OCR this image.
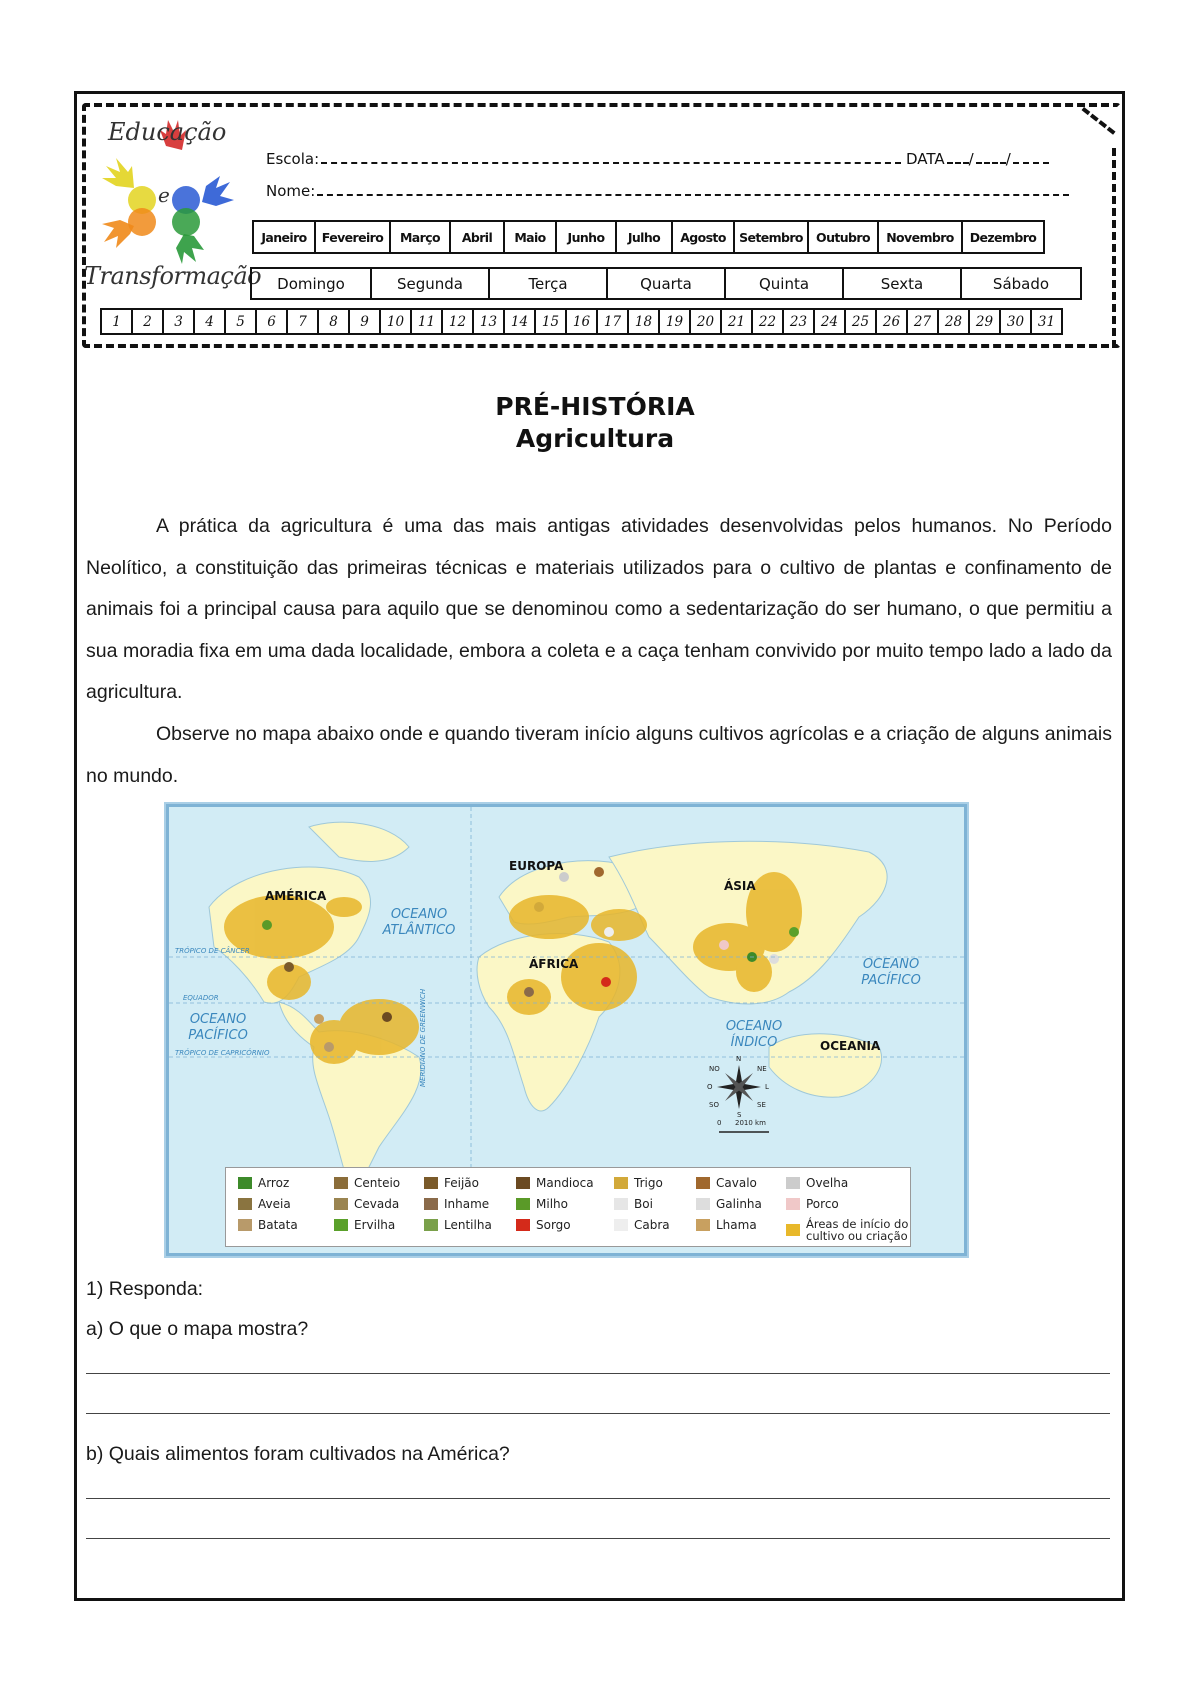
e
Educação
Transformação
Escola:	DATA / /
Nome:
Janeiro	Fevereiro	Março	Abril	Maio	Junho	Julho	Agosto	Setembro	Outubro	Novembro	Dezembro
Domingo	Segunda	Terça	Quarta	Quinta	Sexta	Sábado
1	2	3	4	5	6	7	8	9	10	11	12	13	14	15	16	17	18	19	20	21	22	23	24	25	26	27	28	29	30	31
PRÉ-HISTÓRIA
Agricultura
A prática da agricultura é uma das mais antigas atividades desenvolvidas pelos humanos. No Período Neolítico, a constituição das primeiras técnicas e materiais utilizados para o cultivo de plantas e confinamento de animais foi a principal causa para aquilo que se denominou como a sedentarização do ser humano, o que permitiu a sua moradia fixa em uma dada localidade, embora a coleta e a caça tenham convivido por muito tempo lado a lado da agricultura.
Observe no mapa abaixo onde e quando tiveram início alguns cultivos agrícolas e a criação de alguns animais no mundo.
EUROPA
AMÉRICA
ÁSIA
ÁFRICA
OCEANIA
OCEANO ATLÂNTICO
OCEANO PACÍFICO
OCEANO PACÍFICO
OCEANO ÍNDICO
TRÓPICO DE CÂNCER
EQUADOR
TRÓPICO DE CAPRICÓRNIO	MERIDIANO DE GREENWICH	N
S
L
O
NE
NO
SE
SO
0 2010 km
Arroz	Centeio	Feijão	Mandioca	Trigo	Cavalo	Ovelha
Aveia	Cevada	Inhame	Milho	Boi	Galinha	Porco
Batata	Ervilha	Lentilha	Sorgo	Cabra	Lhama	Áreas de início do cultivo ou criação
1) Responda:
a) O que o mapa mostra?
b) Quais alimentos foram cultivados na América?
